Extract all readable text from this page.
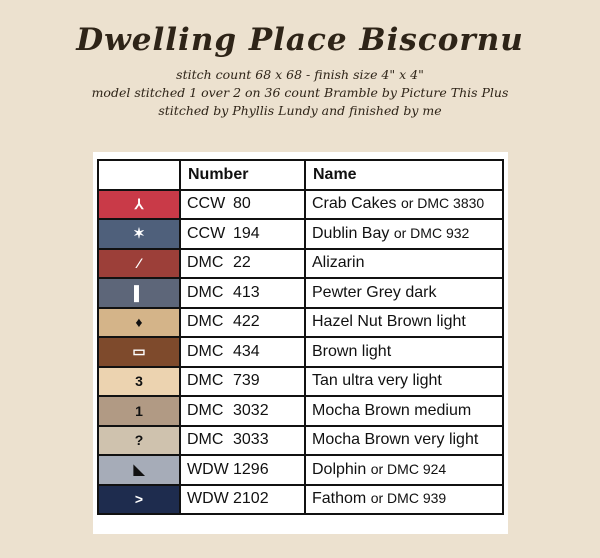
Dwelling Place Biscornu
stitch count 68 x 68 - finish size 4" x 4"
model stitched 1 over 2 on 36 count Bramble by Picture This Plus
stitched by Phyllis Lundy and finished by me
	Number	Name

⅄	CCW 80	Crab Cakes or DMC 3830

✶	CCW 194	Dublin Bay or DMC 932

⁄	DMC 22	Alizarin

▌	DMC 413	Pewter Grey dark

♦	DMC 422	Hazel Nut Brown light

▭	DMC 434	Brown light

3	DMC 739	Tan ultra very light

1	DMC 3032	Mocha Brown medium

?	DMC 3033	Mocha Brown very light

◣	WDW 1296	Dolphin or DMC 924

>	WDW 2102	Fathom or DMC 939
